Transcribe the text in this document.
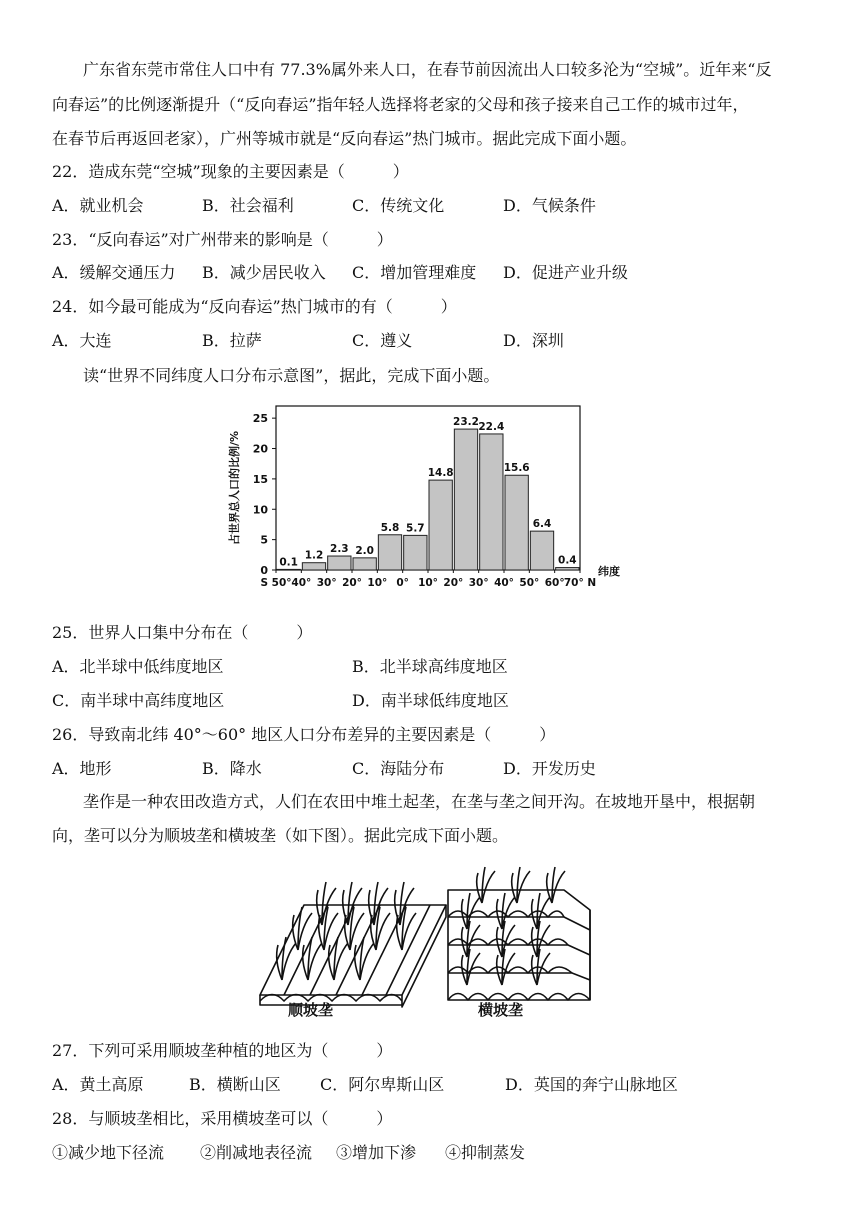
广东省东莞市常住人口中有 77.3%属外来人口，在春节前因流出人口较多沦为“空城”。近年来“反
向春运”的比例逐渐提升（“反向春运”指年轻人选择将老家的父母和孩子接来自己工作的城市过年，
在春节后再返回老家），广州等城市就是“反向春运”热门城市。据此完成下面小题。
22．造成东莞“空城”现象的主要因素是（　　　）
A．就业机会	B．社会福利	C．传统文化	D．气候条件
23．“反向春运”对广州带来的影响是（　　　）
A．缓解交通压力 B．减少居民收入 C．增加管理难度 D．促进产业升级
24．如今最可能成为“反向春运”热门城市的有（　　　）
A．大连	B．拉萨	C．遵义	D．深圳
读“世界不同纬度人口分布示意图”，据此，完成下面小题。
0
5
10
15
20
25
占世界总人口的比例/%
0.1
1.2
2.3 2.0
5.8 5.7
14.8
23.2 22.4
15.6
6.4
0.4
S 50° 40° 30° 20° 10° 0° 10° 20° 30° 40° 50° 60° 70° N
纬度
25．世界人口集中分布在（　　　）
A．北半球中低纬度地区	B．北半球高纬度地区
C．南半球中高纬度地区	D．南半球低纬度地区
26．导致南北纬 40°～60° 地区人口分布差异的主要因素是（　　　）
A．地形	B．降水	C．海陆分布	D．开发历史
垄作是一种农田改造方式，人们在农田中堆土起垄，在垄与垄之间开沟。在坡地开垦中，根据朝
向，垄可以分为顺坡垄和横坡垄（如下图）。据此完成下面小题。
顺坡垄	横坡垄
27．下列可采用顺坡垄种植的地区为（　　　）
A．黄土高原	B．横断山区 C．阿尔卑斯山区	D．英国的奔宁山脉地区
28．与顺坡垄相比，采用横坡垄可以（　　　）
①减少地下径流 ②削减地表径流 ③增加下渗 ④抑制蒸发
